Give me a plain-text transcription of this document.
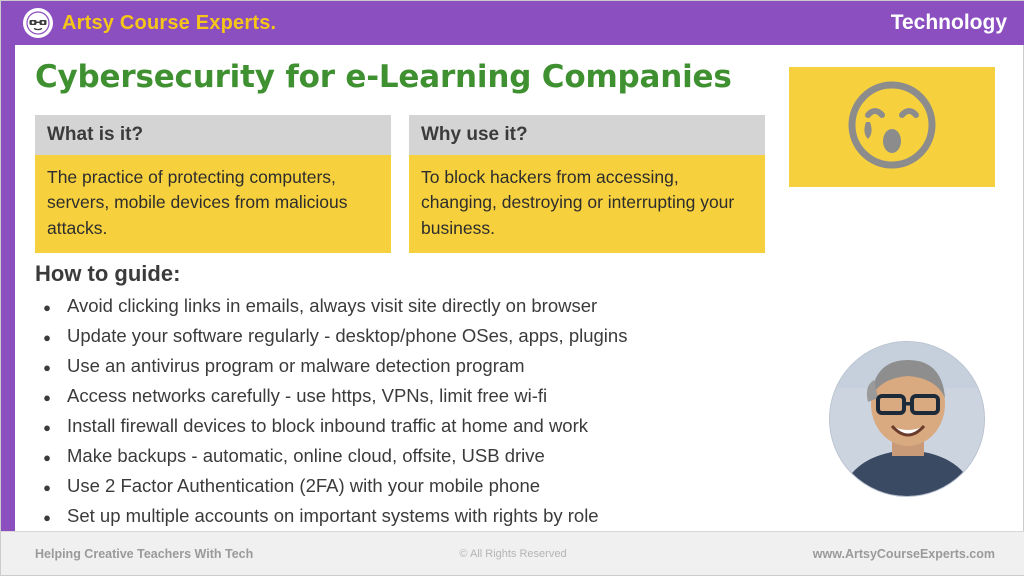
Artsy Course Experts.	Technology
Cybersecurity for e-Learning Companies
What is it?
The practice of protecting computers, servers, mobile devices from malicious attacks.
Why use it?
To block hackers from accessing, changing, destroying or interrupting your business.
How to guide:
● Avoid clicking links in emails, always visit site directly on browser
● Update your software regularly - desktop/phone OSes, apps, plugins
● Use an antivirus program or malware detection program
● Access networks carefully - use https, VPNs, limit free wi-fi
● Install firewall devices to block inbound traffic at home and work
● Make backups - automatic, online cloud, offsite, USB drive
● Use 2 Factor Authentication (2FA) with your mobile phone
● Set up multiple accounts on important systems with rights by role
Helping Creative Teachers With Tech	© All Rights Reserved	www.ArtsyCourseExperts.com
